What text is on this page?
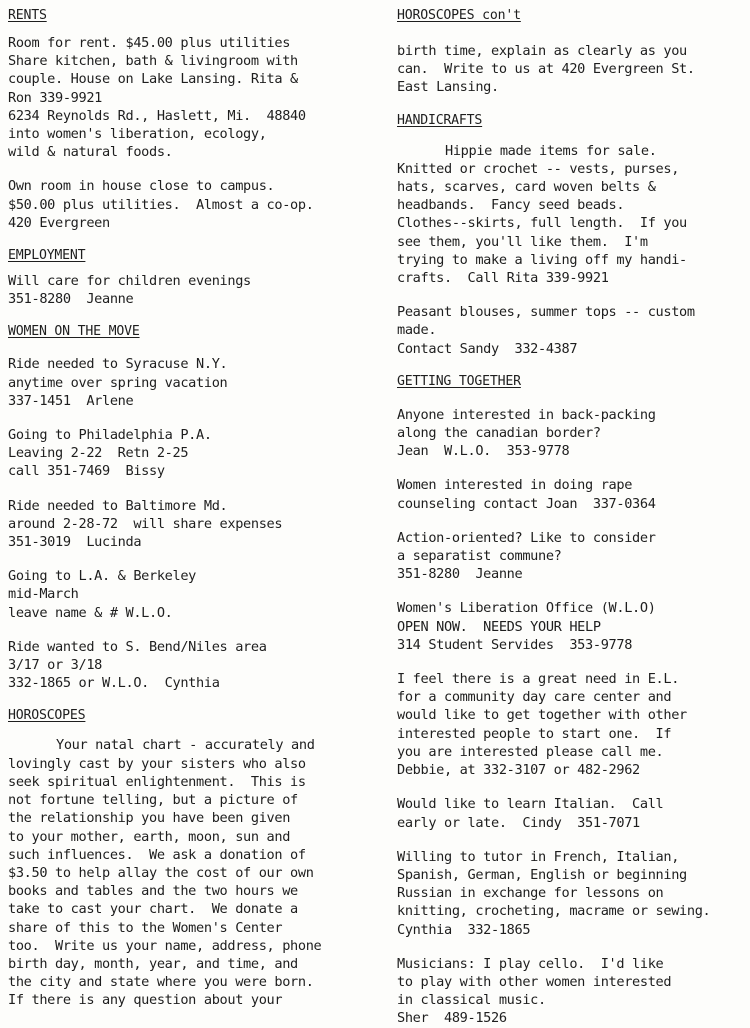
RENTS
Room for rent. $45.00 plus utilities
Share kitchen, bath & livingroom with
couple. House on Lake Lansing. Rita &
Ron 339-9921
6234 Reynolds Rd., Haslett, Mi.  48840
into women's liberation, ecology,
wild & natural foods.
Own room in house close to campus.
$50.00 plus utilities.  Almost a co-op.
420 Evergreen
EMPLOYMENT
Will care for children evenings
351-8280  Jeanne
WOMEN ON THE MOVE
Ride needed to Syracuse N.Y.
anytime over spring vacation
337-1451  Arlene
Going to Philadelphia P.A.
Leaving 2-22  Retn 2-25
call 351-7469  Bissy
Ride needed to Baltimore Md.
around 2-28-72  will share expenses
351-3019  Lucinda
Going to L.A. & Berkeley
mid-March
leave name & # W.L.O.
Ride wanted to S. Bend/Niles area
3/17 or 3/18
332-1865 or W.L.O.  Cynthia
HOROSCOPES
Your natal chart - accurately and
lovingly cast by your sisters who also
seek spiritual enlightenment.  This is
not fortune telling, but a picture of
the relationship you have been given
to your mother, earth, moon, sun and
such influences.  We ask a donation of
$3.50 to help allay the cost of our own
books and tables and the two hours we
take to cast your chart.  We donate a
share of this to the Women's Center
too.  Write us your name, address, phone
birth day, month, year, and time, and
the city and state where you were born.
If there is any question about your
HOROSCOPES con't
birth time, explain as clearly as you
can.  Write to us at 420 Evergreen St.
East Lansing.
HANDICRAFTS
Hippie made items for sale.
Knitted or crochet -- vests, purses,
hats, scarves, card woven belts &
headbands.  Fancy seed beads.
Clothes--skirts, full length.  If you
see them, you'll like them.  I'm
trying to make a living off my handi-
crafts.  Call Rita 339-9921
Peasant blouses, summer tops -- custom
made.
Contact Sandy  332-4387
GETTING TOGETHER
Anyone interested in back-packing
along the canadian border?
Jean  W.L.O.  353-9778
Women interested in doing rape
counseling contact Joan  337-0364
Action-oriented? Like to consider
a separatist commune?
351-8280  Jeanne
Women's Liberation Office (W.L.O)
OPEN NOW.  NEEDS YOUR HELP
314 Student Servides  353-9778
I feel there is a great need in E.L.
for a community day care center and
would like to get together with other
interested people to start one.  If
you are interested please call me.
Debbie, at 332-3107 or 482-2962
Would like to learn Italian.  Call
early or late.  Cindy  351-7071
Willing to tutor in French, Italian,
Spanish, German, English or beginning
Russian in exchange for lessons on
knitting, crocheting, macrame or sewing.
Cynthia  332-1865
Musicians: I play cello.  I'd like
to play with other women interested
in classical music.
Sher  489-1526
